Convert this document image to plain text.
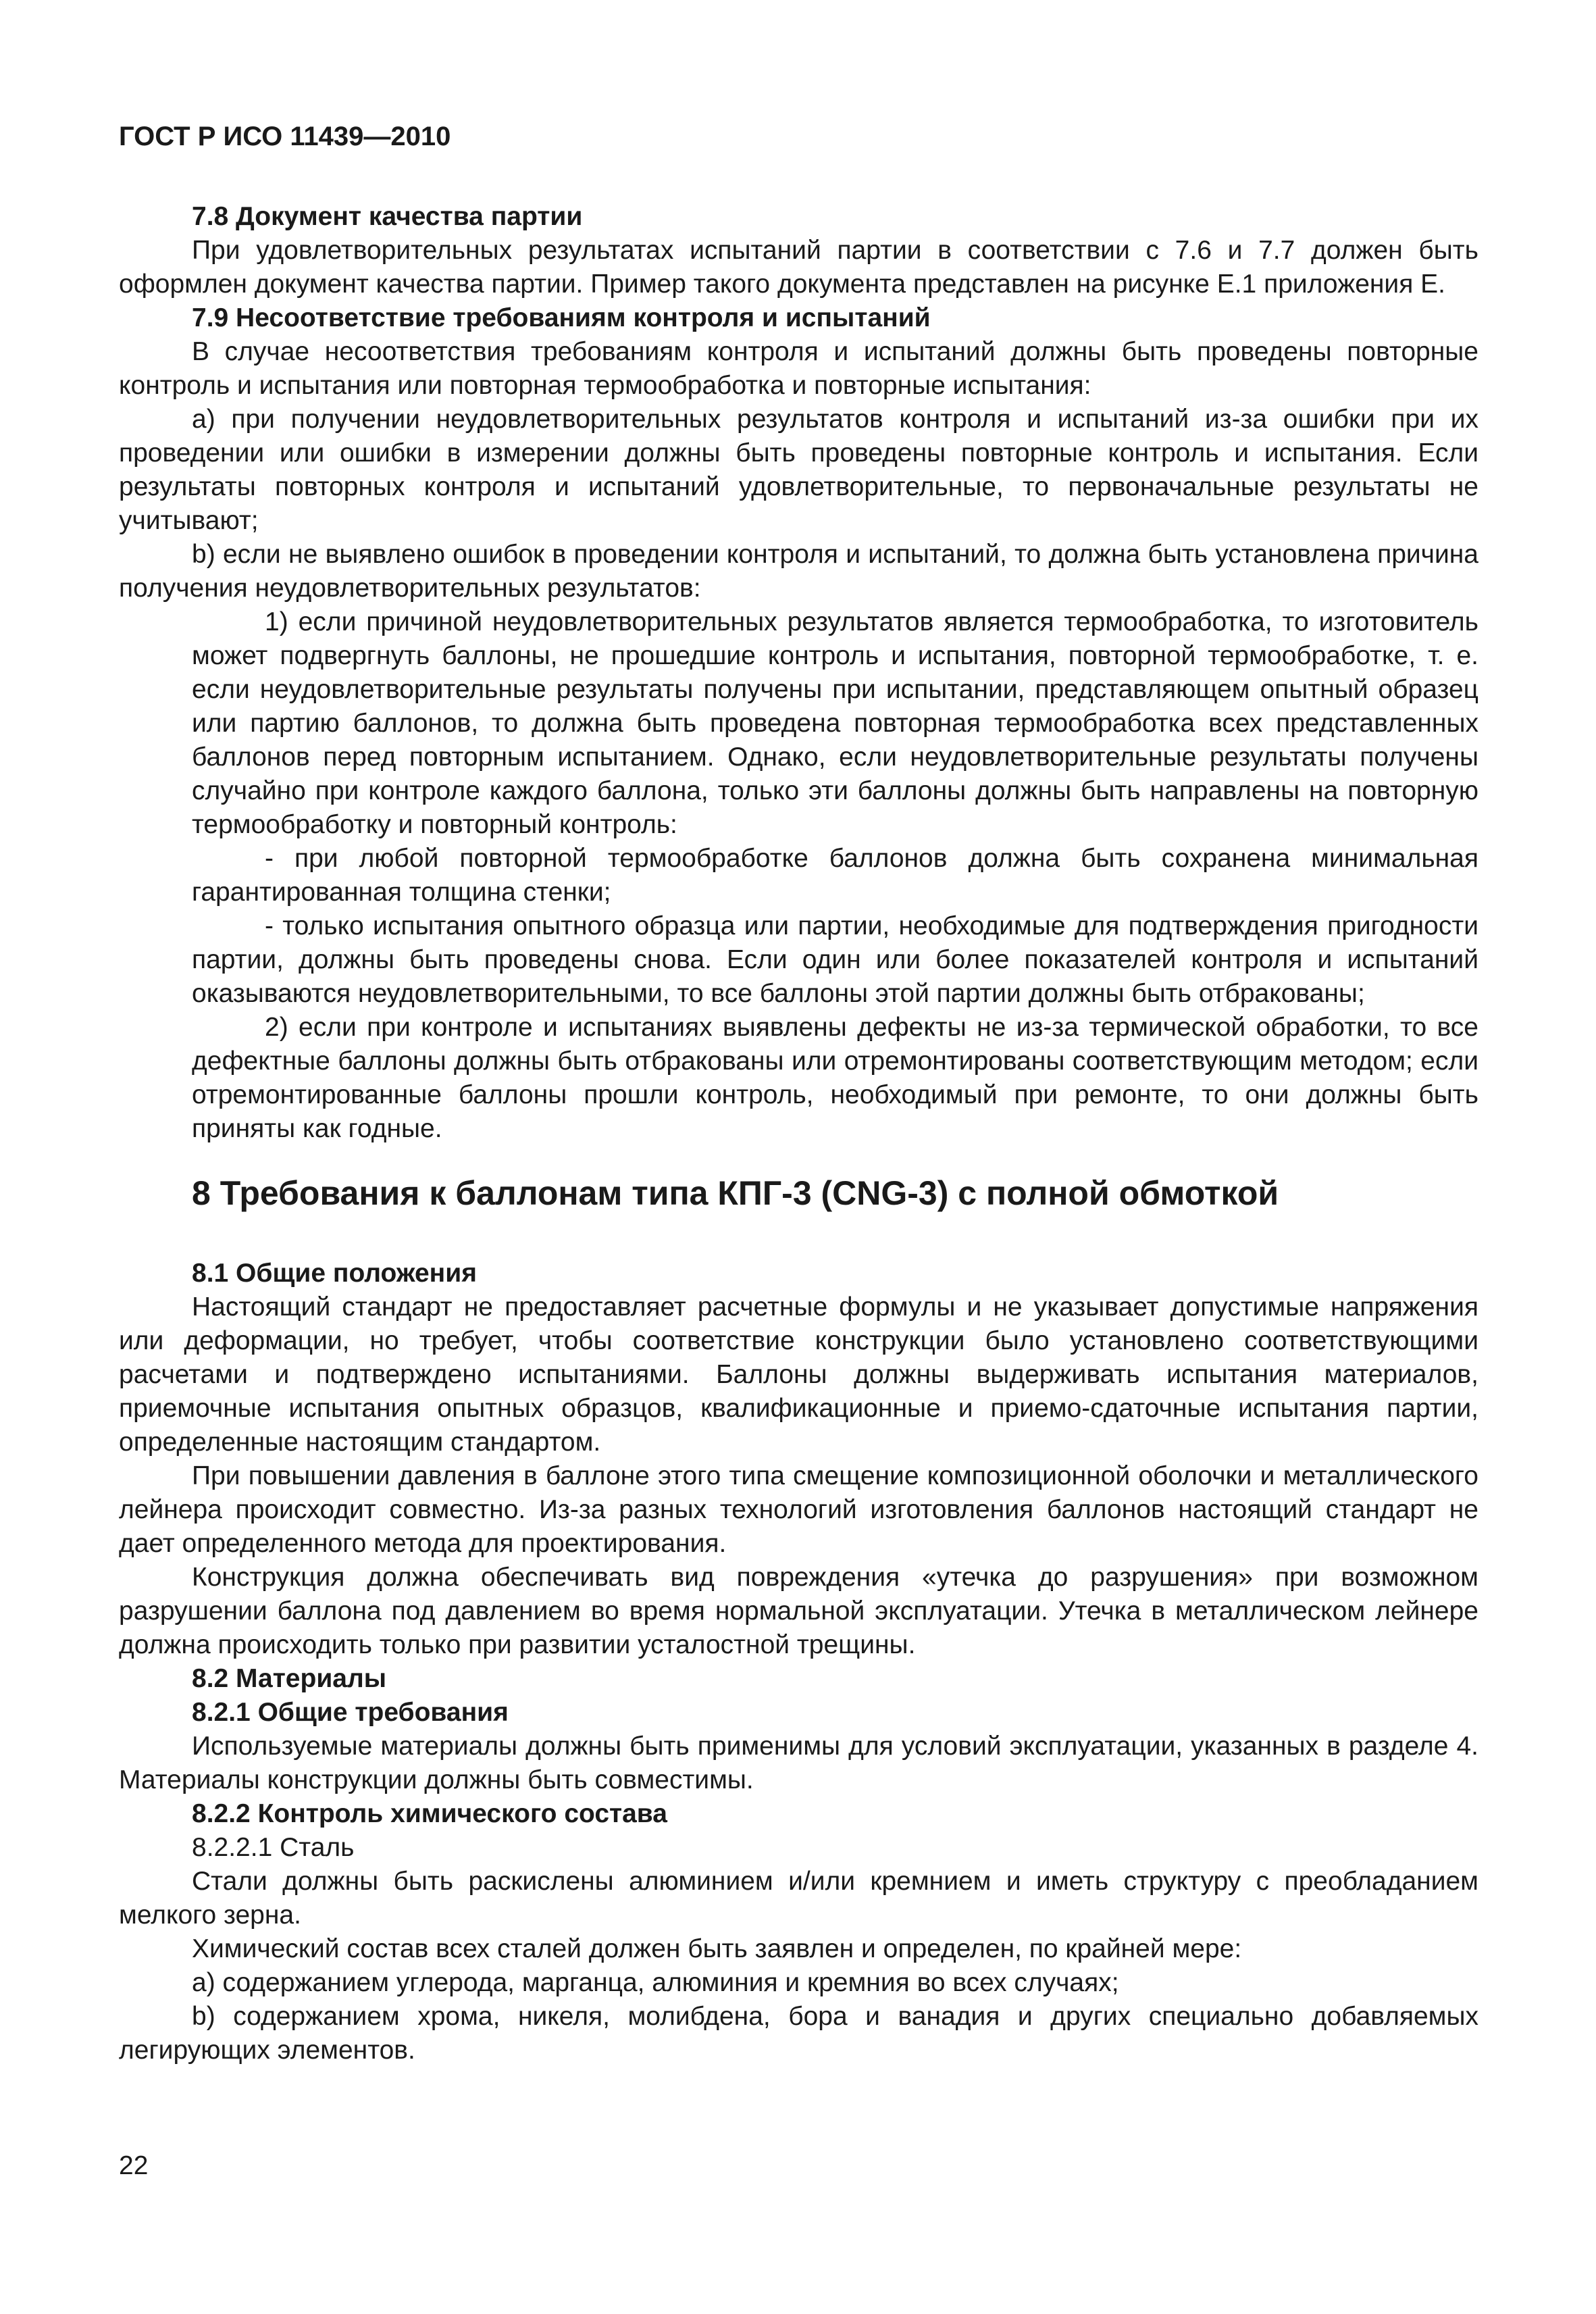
ГОСТ Р ИСО 11439—2010

7.8 Документ качества партии

При удовлетворительных результатах испытаний партии в соответствии с 7.6 и 7.7 должен быть оформлен документ качества партии. Пример такого документа представлен на рисунке Е.1 приложения Е.

7.9 Несоответствие требованиям контроля и испытаний

В случае несоответствия требованиям контроля и испытаний должны быть проведены повторные контроль и испытания или повторная термообработка и повторные испытания:

а) при получении неудовлетворительных результатов контроля и испытаний из-за ошибки при их проведении или ошибки в измерении должны быть проведены повторные контроль и испытания. Если результаты повторных контроля и испытаний удовлетворительные, то первоначальные результаты не учитывают;

b) если не выявлено ошибок в проведении контроля и испытаний, то должна быть установлена причина получения неудовлетворительных результатов:

1) если причиной неудовлетворительных результатов является термообработка, то изготовитель может подвергнуть баллоны, не прошедшие контроль и испытания, повторной термообработке, т. е. если неудовлетворительные результаты получены при испытании, представляющем опытный образец или партию баллонов, то должна быть проведена повторная термообработка всех представленных баллонов перед повторным испытанием. Однако, если неудовлетворительные результаты получены случайно при контроле каждого баллона, только эти баллоны должны быть направлены на повторную термообработку и повторный контроль:

- при любой повторной термообработке баллонов должна быть сохранена минимальная гарантированная толщина стенки;

- только испытания опытного образца или партии, необходимые для подтверждения пригодности партии, должны быть проведены снова. Если один или более показателей контроля и испытаний оказываются неудовлетворительными, то все баллоны этой партии должны быть отбракованы;

2) если при контроле и испытаниях выявлены дефекты не из-за термической обработки, то все дефектные баллоны должны быть отбракованы или отремонтированы соответствующим методом; если отремонтированные баллоны прошли контроль, необходимый при ремонте, то они должны быть приняты как годные.

8 Требования к баллонам типа КПГ-3 (CNG-3) с полной обмоткой

8.1 Общие положения

Настоящий стандарт не предоставляет расчетные формулы и не указывает допустимые напряжения или деформации, но требует, чтобы соответствие конструкции было установлено соответствующими расчетами и подтверждено испытаниями. Баллоны должны выдерживать испытания материалов, приемочные испытания опытных образцов, квалификационные и приемо-сдаточные испытания партии, определенные настоящим стандартом.

При повышении давления в баллоне этого типа смещение композиционной оболочки и металлического лейнера происходит совместно. Из-за разных технологий изготовления баллонов настоящий стандарт не дает определенного метода для проектирования.

Конструкция должна обеспечивать вид повреждения «утечка до разрушения» при возможном разрушении баллона под давлением во время нормальной эксплуатации. Утечка в металлическом лейнере должна происходить только при развитии усталостной трещины.

8.2 Материалы

8.2.1 Общие требования

Используемые материалы должны быть применимы для условий эксплуатации, указанных в разделе 4. Материалы конструкции должны быть совместимы.

8.2.2 Контроль химического состава

8.2.2.1 Сталь

Стали должны быть раскислены алюминием и/или кремнием и иметь структуру с преобладанием мелкого зерна.

Химический состав всех сталей должен быть заявлен и определен, по крайней мере:

а) содержанием углерода, марганца, алюминия и кремния во всех случаях;

b) содержанием хрома, никеля, молибдена, бора и ванадия и других специально добавляемых легирующих элементов.

22
